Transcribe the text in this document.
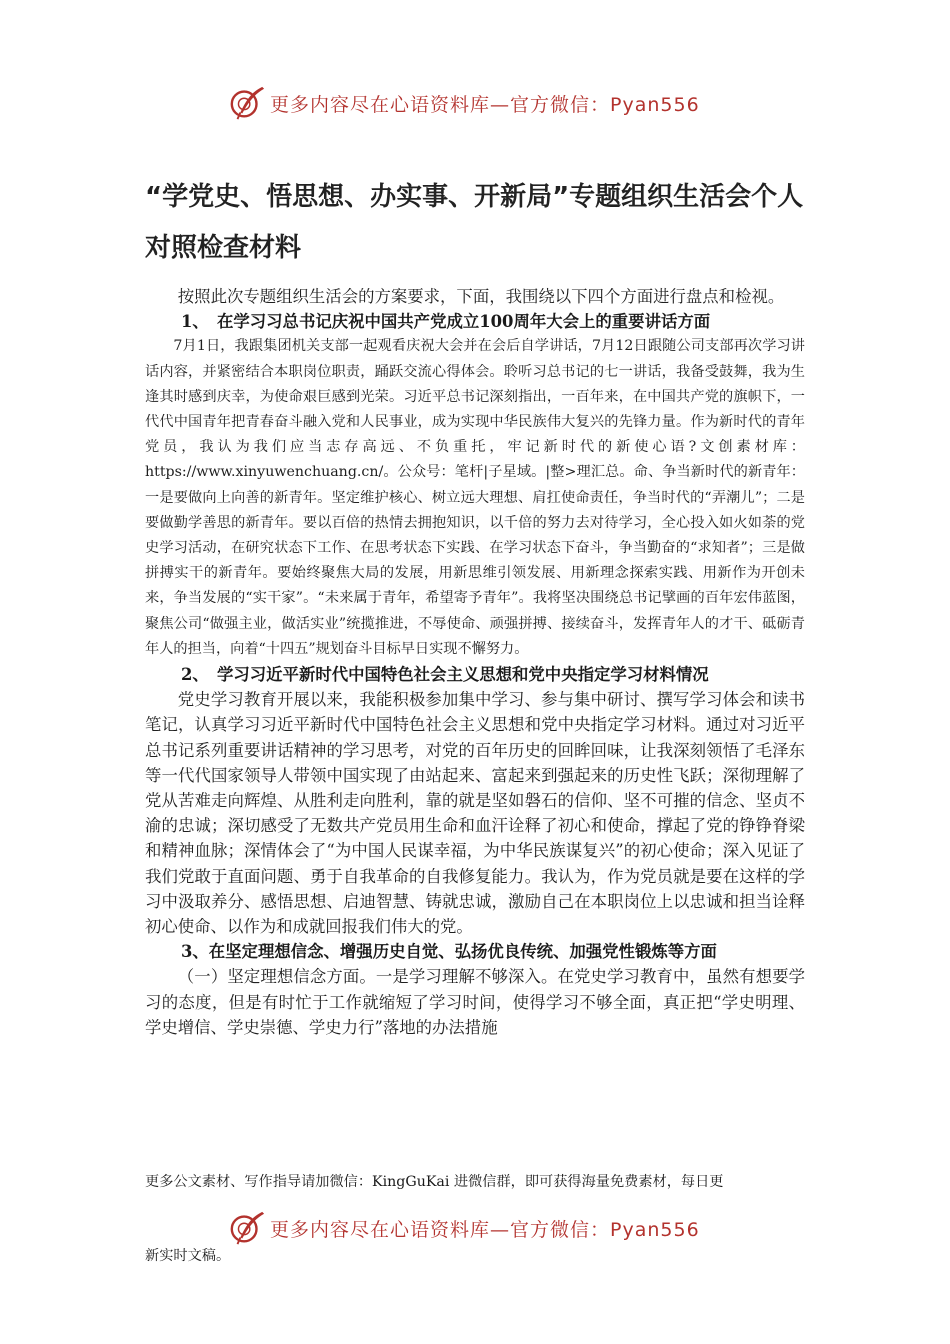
更多内容尽在心语资料库—官方微信：Pyan556
“学党史、悟思想、办实事、开新局”专题组织生活会个人对照检查材料

按照此次专题组织生活会的方案要求，下面，我围绕以下四个方面进行盘点和检视。

1、　在学习习总书记庆祝中国共产党成立100周年大会上的重要讲话方面

7月1日，我跟集团机关支部一起观看庆祝大会并在会后自学讲话，7月12日跟随公司支部再次学习讲话内容，并紧密结合本职岗位职责，踊跃交流心得体会。聆听习总书记的七一讲话，我备受鼓舞，我为生逢其时感到庆幸，为使命艰巨感到光荣。习近平总书记深刻指出，一百年来，在中国共产党的旗帜下，一代代中国青年把青春奋斗融入党和人民事业，成为实现中华民族伟大复兴的先锋力量。作为新时代的青年党员，我认为我们应当志存高远、不负重托，牢记新时代的新使心语?文创素材库：https://www.xinyuwenchuang.cn/。公众号：笔杆|子星域。|整>理汇总。命、争当新时代的新青年：一是要做向上向善的新青年。坚定维护核心、树立远大理想、肩扛使命责任，争当时代的“弄潮儿”；二是要做勤学善思的新青年。要以百倍的热情去拥抱知识，以千倍的努力去对待学习，全心投入如火如荼的党史学习活动，在研究状态下工作、在思考状态下实践、在学习状态下奋斗，争当勤奋的“求知者”；三是做拼搏实干的新青年。要始终聚焦大局的发展，用新思维引领发展、用新理念探索实践、用新作为开创未来，争当发展的“实干家”。“未来属于青年，希望寄予青年”。我将坚决围绕总书记擘画的百年宏伟蓝图，聚焦公司“做强主业，做活实业”统揽推进，不辱使命、顽强拼搏、接续奋斗，发挥青年人的才干、砥砺青年人的担当，向着“十四五”规划奋斗目标早日实现不懈努力。

2、　学习习近平新时代中国特色社会主义思想和党中央指定学习材料情况

党史学习教育开展以来，我能积极参加集中学习、参与集中研讨、撰写学习体会和读书笔记，认真学习习近平新时代中国特色社会主义思想和党中央指定学习材料。通过对习近平总书记系列重要讲话精神的学习思考，对党的百年历史的回眸回味，让我深刻领悟了毛泽东等一代代国家领导人带领中国实现了由站起来、富起来到强起来的历史性飞跃；深彻理解了党从苦难走向辉煌、从胜利走向胜利，靠的就是坚如磐石的信仰、坚不可摧的信念、坚贞不渝的忠诚；深切感受了无数共产党员用生命和血汗诠释了初心和使命，撑起了党的铮铮脊梁和精神血脉；深情体会了“为中国人民谋幸福，为中华民族谋复兴”的初心使命；深入见证了我们党敢于直面问题、勇于自我革命的自我修复能力。我认为，作为党员就是要在这样的学习中汲取养分、感悟思想、启迪智慧、铸就忠诚，激励自己在本职岗位上以忠诚和担当诠释初心使命、以作为和成就回报我们伟大的党。

3、在坚定理想信念、增强历史自觉、弘扬优良传统、加强党性锻炼等方面

（一）坚定理想信念方面。一是学习理解不够深入。在党史学习教育中，虽然有想要学习的态度，但是有时忙于工作就缩短了学习时间，使得学习不够全面，真正把“学史明理、学史增信、学史崇德、学史力行”落地的办法措施

更多公文素材、写作指导请加微信：KingGuKai 进微信群，即可获得海量免费素材，每日更
更多内容尽在心语资料库—官方微信：Pyan556
新实时文稿。
